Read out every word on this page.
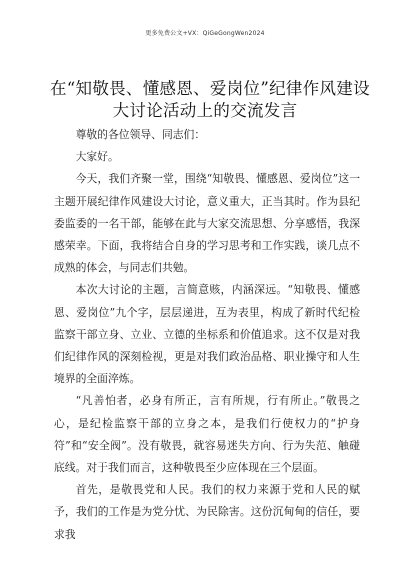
更多免费公文+VX：QiGeGongWen2024
在“知敬畏、懂感恩、爱岗位”纪律作风建设
大讨论活动上的交流发言

尊敬的各位领导、同志们：

大家好。

今天，我们齐聚一堂，围绕“知敬畏、懂感恩、爱岗位”这一主题开展纪律作风建设大讨论，意义重大，正当其时。作为县纪委监委的一名干部，能够在此与大家交流思想、分享感悟，我深感荣幸。下面，我将结合自身的学习思考和工作实践，谈几点不成熟的体会，与同志们共勉。

本次大讨论的主题，言简意赅，内涵深远。“知敬畏、懂感恩、爱岗位”九个字，层层递进，互为表里，构成了新时代纪检监察干部立身、立业、立德的坐标系和价值追求。这不仅是对我们纪律作风的深刻检视，更是对我们政治品格、职业操守和人生境界的全面淬炼。

“凡善怕者，必身有所正，言有所规，行有所止。”敬畏之心，是纪检监察干部的立身之本，是我们行使权力的“护身符”和“安全阀”。没有敬畏，就容易迷失方向、行为失范、触碰底线。对于我们而言，这种敬畏至少应体现在三个层面。

首先，是敬畏党和人民。我们的权力来源于党和人民的赋予，我们的工作是为党分忧、为民除害。这份沉甸甸的信任，要求我
